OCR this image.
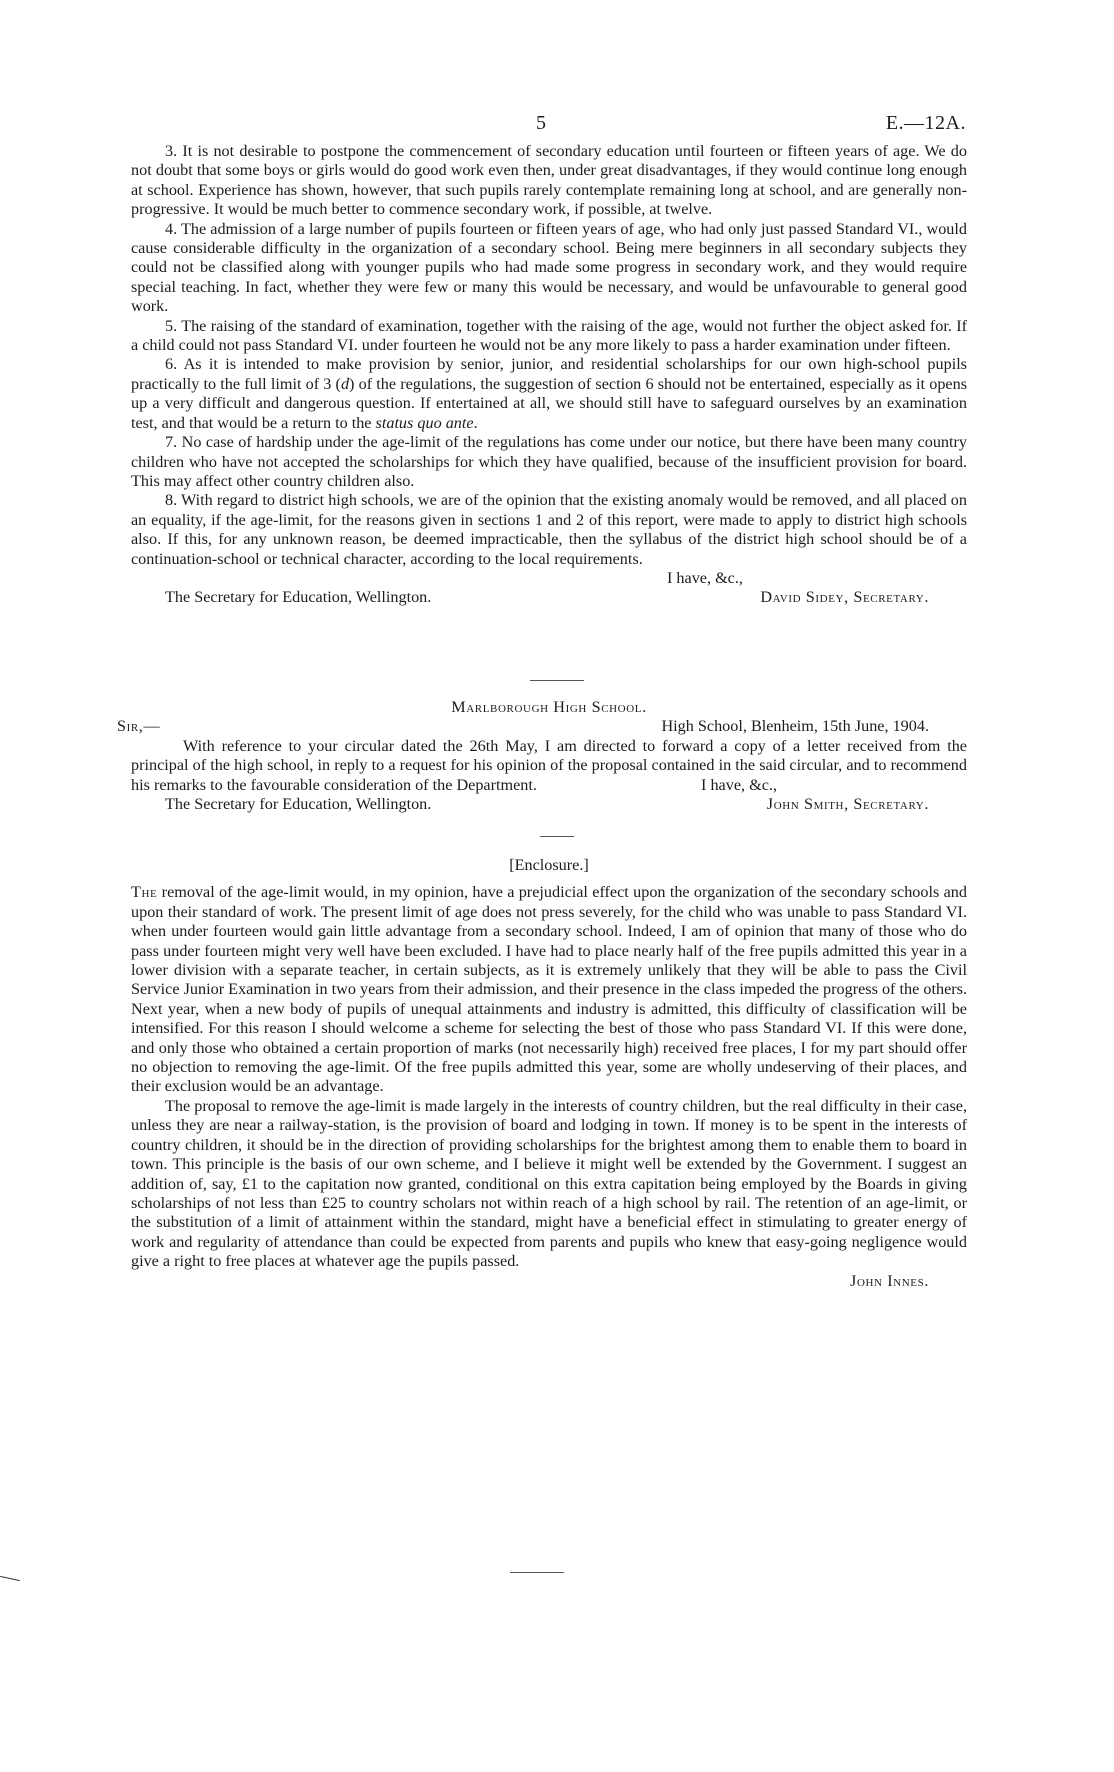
5	E.—12A.

3. It is not desirable to postpone the commencement of secondary education until fourteen or fifteen years of age. We do not doubt that some boys or girls would do good work even then, under great disadvantages, if they would continue long enough at school. Experience has shown, however, that such pupils rarely contemplate remaining long at school, and are generally non-progressive. It would be much better to commence secondary work, if possible, at twelve.

4. The admission of a large number of pupils fourteen or fifteen years of age, who had only just passed Standard VI., would cause considerable difficulty in the organization of a secondary school. Being mere beginners in all secondary subjects they could not be classified along with younger pupils who had made some progress in secondary work, and they would require special teaching. In fact, whether they were few or many this would be necessary, and would be unfavourable to general good work.

5. The raising of the standard of examination, together with the raising of the age, would not further the object asked for. If a child could not pass Standard VI. under fourteen he would not be any more likely to pass a harder examination under fifteen.

6. As it is intended to make provision by senior, junior, and residential scholarships for our own high-school pupils practically to the full limit of 3 (d) of the regulations, the suggestion of section 6 should not be entertained, especially as it opens up a very difficult and dangerous question. If entertained at all, we should still have to safeguard ourselves by an examination test, and that would be a return to the status quo ante.

7. No case of hardship under the age-limit of the regulations has come under our notice, but there have been many country children who have not accepted the scholarships for which they have qualified, because of the insufficient provision for board. This may affect other country children also.

8. With regard to district high schools, we are of the opinion that the existing anomaly would be removed, and all placed on an equality, if the age-limit, for the reasons given in sections 1 and 2 of this report, were made to apply to district high schools also. If this, for any unknown reason, be deemed impracticable, then the syllabus of the district high school should be of a continuation-school or technical character, according to the local requirements.

I have, &c.,
The Secretary for Education, Wellington.	David Sidey, Secretary.

Marlborough High School.

Sir,—	High School, Blenheim, 15th June, 1904.

With reference to your circular dated the 26th May, I am directed to forward a copy of a letter received from the principal of the high school, in reply to a request for his opinion of the proposal contained in the said circular, and to recommend his remarks to the favourable consideration of the Department.	I have, &c.,
The Secretary for Education, Wellington.	John Smith, Secretary.

[Enclosure.]

The removal of the age-limit would, in my opinion, have a prejudicial effect upon the organization of the secondary schools and upon their standard of work. The present limit of age does not press severely, for the child who was unable to pass Standard VI. when under fourteen would gain little advantage from a secondary school. Indeed, I am of opinion that many of those who do pass under fourteen might very well have been excluded. I have had to place nearly half of the free pupils admitted this year in a lower division with a separate teacher, in certain subjects, as it is extremely unlikely that they will be able to pass the Civil Service Junior Examination in two years from their admission, and their presence in the class impeded the progress of the others. Next year, when a new body of pupils of unequal attainments and industry is admitted, this difficulty of classification will be intensified. For this reason I should welcome a scheme for selecting the best of those who pass Standard VI. If this were done, and only those who obtained a certain proportion of marks (not necessarily high) received free places, I for my part should offer no objection to removing the age-limit. Of the free pupils admitted this year, some are wholly undeserving of their places, and their exclusion would be an advantage.

The proposal to remove the age-limit is made largely in the interests of country children, but the real difficulty in their case, unless they are near a railway-station, is the provision of board and lodging in town. If money is to be spent in the interests of country children, it should be in the direction of providing scholarships for the brightest among them to enable them to board in town. This principle is the basis of our own scheme, and I believe it might well be extended by the Government. I suggest an addition of, say, £1 to the capitation now granted, conditional on this extra capitation being employed by the Boards in giving scholarships of not less than £25 to country scholars not within reach of a high school by rail. The retention of an age-limit, or the substitution of a limit of attainment within the standard, might have a beneficial effect in stimulating to greater energy of work and regularity of attendance than could be expected from parents and pupils who knew that easy-going negligence would give a right to free places at whatever age the pupils passed.

John Innes.
